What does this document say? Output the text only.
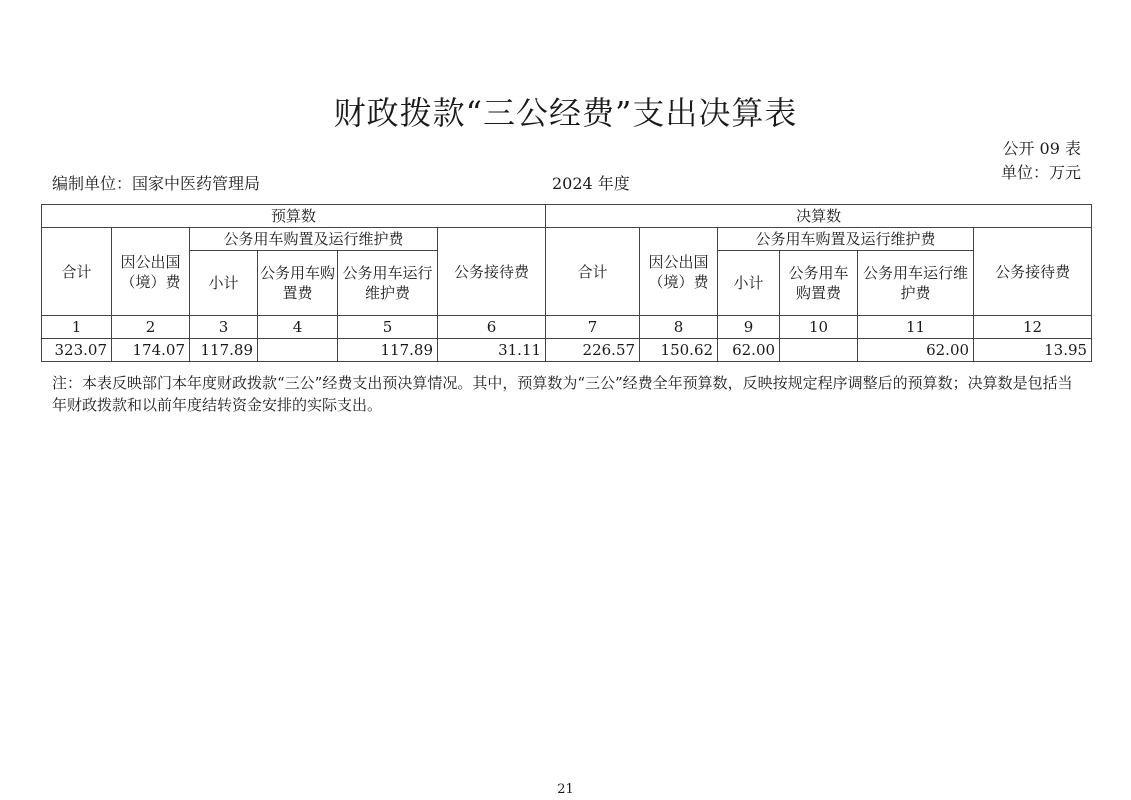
财政拨款“三公经费”支出决算表
公开 09 表
单位：万元
编制单位：国家中医药管理局	2024 年度
预算数						决算数					
合计	因公出国（境）费	公务用车购置及运行维护费			公务接待费	合计	因公出国（境）费	公务用车购置及运行维护费			公务接待费
		小计	公务用车购置费	公务用车运行维护费				小计	公务用车购置费	公务用车运行维护费	
1	2	3	4	5	6	7	8	9	10	11	12
323.07	174.07	117.89		117.89	31.11	226.57	150.62	62.00		62.00	13.95
注：本表反映部门本年度财政拨款“三公”经费支出预决算情况。其中，预算数为“三公”经费全年预算数，反映按规定程序调整后的预算数；决算数是包括当年财政拨款和以前年度结转资金安排的实际支出。
21
